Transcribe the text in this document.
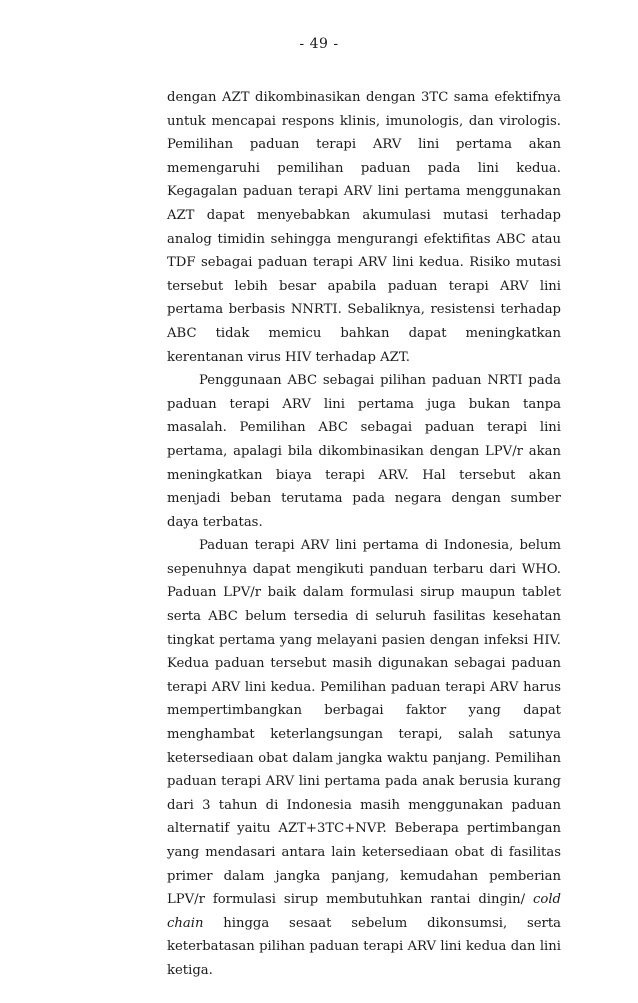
- 49 -

dengan AZT dikombinasikan dengan 3TC sama efektifnya untuk mencapai respons klinis, imunologis, dan virologis. Pemilihan paduan terapi ARV lini pertama akan memengaruhi pemilihan paduan pada lini kedua. Kegagalan paduan terapi ARV lini pertama menggunakan AZT dapat menyebabkan akumulasi mutasi terhadap analog timidin sehingga mengurangi efektifitas ABC atau TDF sebagai paduan terapi ARV lini kedua. Risiko mutasi tersebut lebih besar apabila paduan terapi ARV lini pertama berbasis NNRTI. Sebaliknya, resistensi terhadap ABC tidak memicu bahkan dapat meningkatkan kerentanan virus HIV terhadap AZT.

Penggunaan ABC sebagai pilihan paduan NRTI pada paduan terapi ARV lini pertama juga bukan tanpa masalah. Pemilihan ABC sebagai paduan terapi lini pertama, apalagi bila dikombinasikan dengan LPV/r akan meningkatkan biaya terapi ARV. Hal tersebut akan menjadi beban terutama pada negara dengan sumber daya terbatas.

Paduan terapi ARV lini pertama di Indonesia, belum sepenuhnya dapat mengikuti panduan terbaru dari WHO. Paduan LPV/r baik dalam formulasi sirup maupun tablet serta ABC belum tersedia di seluruh fasilitas kesehatan tingkat pertama yang melayani pasien dengan infeksi HIV. Kedua paduan tersebut masih digunakan sebagai paduan terapi ARV lini kedua. Pemilihan paduan terapi ARV harus mempertimbangkan berbagai faktor yang dapat menghambat keterlangsungan terapi, salah satunya ketersediaan obat dalam jangka waktu panjang. Pemilihan paduan terapi ARV lini pertama pada anak berusia kurang dari 3 tahun di Indonesia masih menggunakan paduan alternatif yaitu AZT+3TC+NVP. Beberapa pertimbangan yang mendasari antara lain ketersediaan obat di fasilitas primer dalam jangka panjang, kemudahan pemberian LPV/r formulasi sirup membutuhkan rantai dingin/ cold chain hingga sesaat sebelum dikonsumsi, serta keterbatasan pilihan paduan terapi ARV lini kedua dan lini ketiga.
